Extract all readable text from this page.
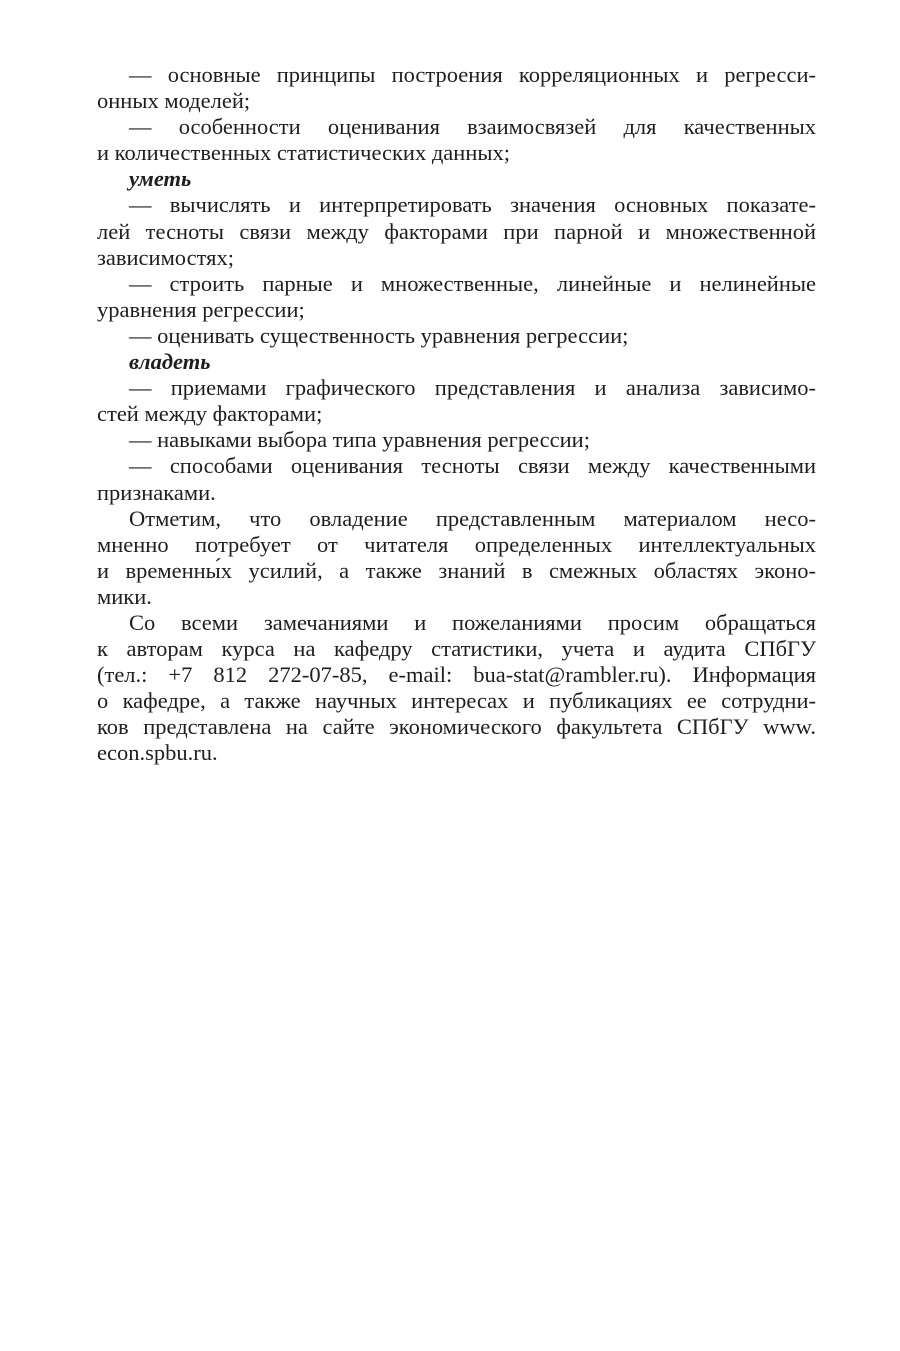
— основные принципы построения корреляционных и регресси-
онных моделей;
— особенности оценивания взаимосвязей для качественных
и количественных статистических данных;
уметь
— вычислять и интерпретировать значения основных показате-
лей тесноты связи между факторами при парной и множественной
зависимостях;
— строить парные и множественные, линейные и нелинейные
уравнения регрессии;
— оценивать существенность уравнения регрессии;
владеть
— приемами графического представления и анализа зависимо-
стей между факторами;
— навыками выбора типа уравнения регрессии;
— способами оценивания тесноты связи между качественными
признаками.
Отметим, что овладение представленным материалом несо-
мненно потребует от читателя определенных интеллектуальных
и временны́х усилий, а также знаний в смежных областях эконо-
мики.
Со всеми замечаниями и пожеланиями просим обращаться
к авторам курса на кафедру статистики, учета и аудита СПбГУ
(тел.: +7 812 272-07-85, e-mail: bua-stat@rambler.ru). Информация
о кафедре, а также научных интересах и публикациях ее сотрудни-
ков представлена на сайте экономического факультета СПбГУ www.
econ.spbu.ru.
